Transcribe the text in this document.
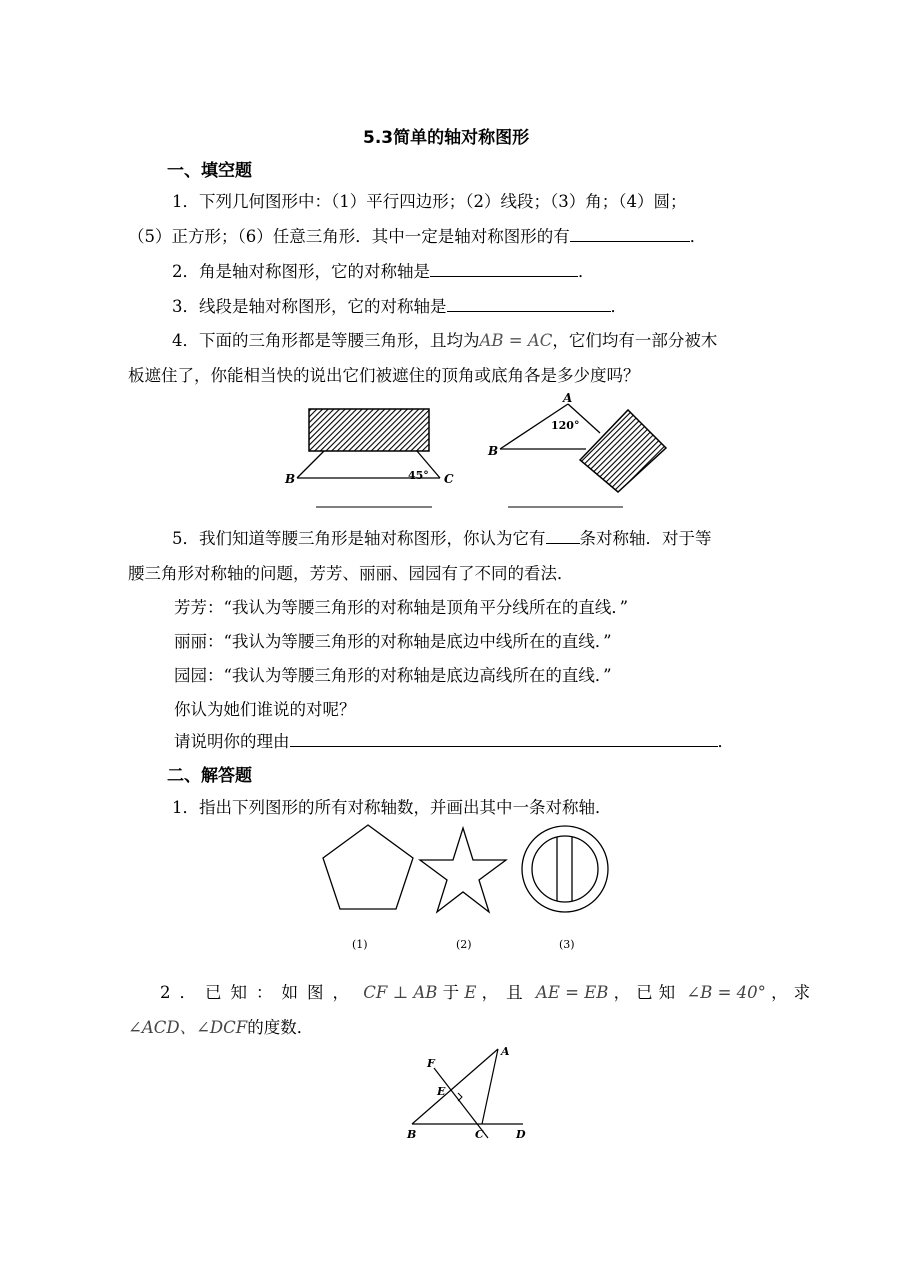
5.3简单的轴对称图形
一、填空题
1．下列几何图形中：（1）平行四边形；（2）线段；（3）角；（4）圆；
（5）正方形；（6）任意三角形．其中一定是轴对称图形的有	．
2．角是轴对称图形，它的对称轴是	．
3．线段是轴对称图形，它的对称轴是	．
4．下面的三角形都是等腰三角形，且均为AB = AC，它们均有一部分被木
板遮住了，你能相当快的说出它们被遮住的顶角或底角各是多少度吗？
B	C
45°
A
B
120°
5．我们知道等腰三角形是轴对称图形，你认为它有 条对称轴．对于等
腰三角形对称轴的问题，芳芳、丽丽、园园有了不同的看法．
芳芳：“我认为等腰三角形的对称轴是顶角平分线所在的直线．”
丽丽：“我认为等腰三角形的对称轴是底边中线所在的直线．”
园园：“我认为等腰三角形的对称轴是底边高线所在的直线．”
你认为她们谁说的对呢？
请说明你的理由	．
二、解答题
1．指出下列图形的所有对称轴数，并画出其中一条对称轴．
(1)	(2)	(3)
2．已知：如图， CF ⊥ AB 于 E ，且 AE = EB ，已知 ∠B = 40° ，求
∠ACD、∠DCF的度数．
A
B	C	D
E
F
